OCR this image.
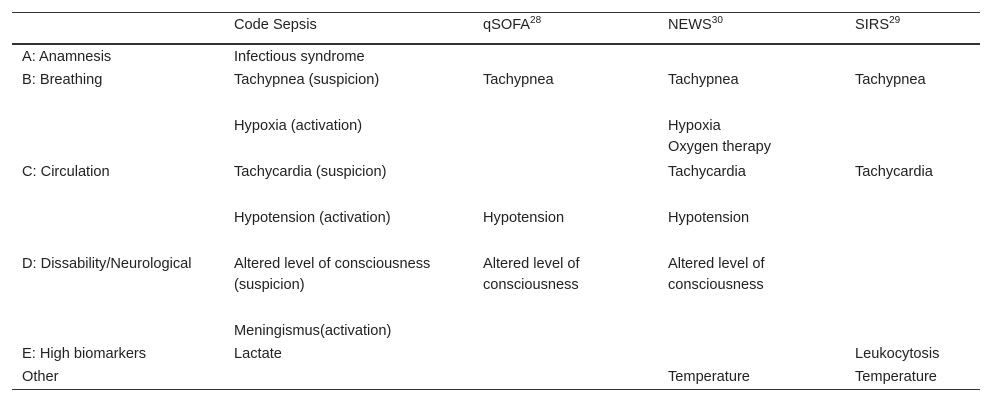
	Code Sepsis	qSOFA$^{28}$	NEWS$^{30}$	SIRS$^{29}$
A: Anamnesis	Infectious syndrome			
B: Breathing	Tachypnea (suspicion)	Tachypnea	Tachypnea	Tachypnea
	Hypoxia (activation)		Hypoxia
Oxygen therapy	

C: Circulation	Tachycardia (suspicion)		Tachycardia	Tachycardia
	Hypotension (activation)	Hypotension	Hypotension	
D: Dissability/Neurological	Altered level of consciousness (suspicion)	Altered level of consciousness	Altered level of consciousness	
	Meningismus(activation)			
E: High biomarkers	Lactate			Leukocytosis
Other			Temperature	Temperature
